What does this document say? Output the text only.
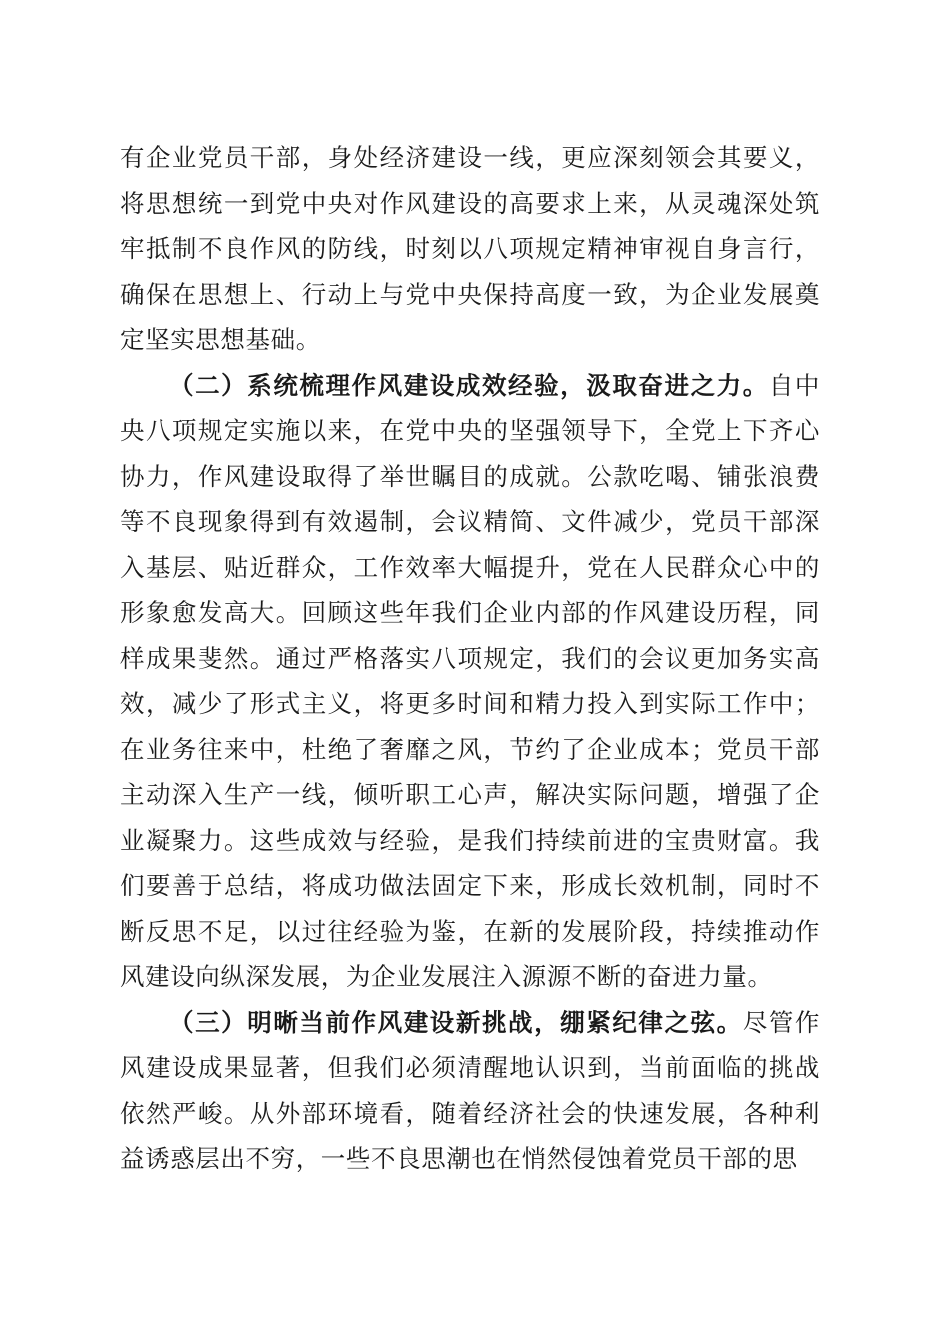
有企业党员干部，身处经济建设一线，更应深刻领会其要义，将思想统一到党中央对作风建设的高要求上来，从灵魂深处筑牢抵制不良作风的防线，时刻以八项规定精神审视自身言行，确保在思想上、行动上与党中央保持高度一致，为企业发展奠定坚实思想基础。

（二）系统梳理作风建设成效经验，汲取奋进之力。自中央八项规定实施以来，在党中央的坚强领导下，全党上下齐心协力，作风建设取得了举世瞩目的成就。公款吃喝、铺张浪费等不良现象得到有效遏制，会议精简、文件减少，党员干部深入基层、贴近群众，工作效率大幅提升，党在人民群众心中的形象愈发高大。回顾这些年我们企业内部的作风建设历程，同样成果斐然。通过严格落实八项规定，我们的会议更加务实高效，减少了形式主义，将更多时间和精力投入到实际工作中；在业务往来中，杜绝了奢靡之风，节约了企业成本；党员干部主动深入生产一线，倾听职工心声，解决实际问题，增强了企业凝聚力。这些成效与经验，是我们持续前进的宝贵财富。我们要善于总结，将成功做法固定下来，形成长效机制，同时不断反思不足，以过往经验为鉴，在新的发展阶段，持续推动作风建设向纵深发展，为企业发展注入源源不断的奋进力量。

（三）明晰当前作风建设新挑战，绷紧纪律之弦。尽管作风建设成果显著，但我们必须清醒地认识到，当前面临的挑战依然严峻。从外部环境看，随着经济社会的快速发展，各种利益诱惑层出不穷，一些不良思潮也在悄然侵蚀着党员干部的思
